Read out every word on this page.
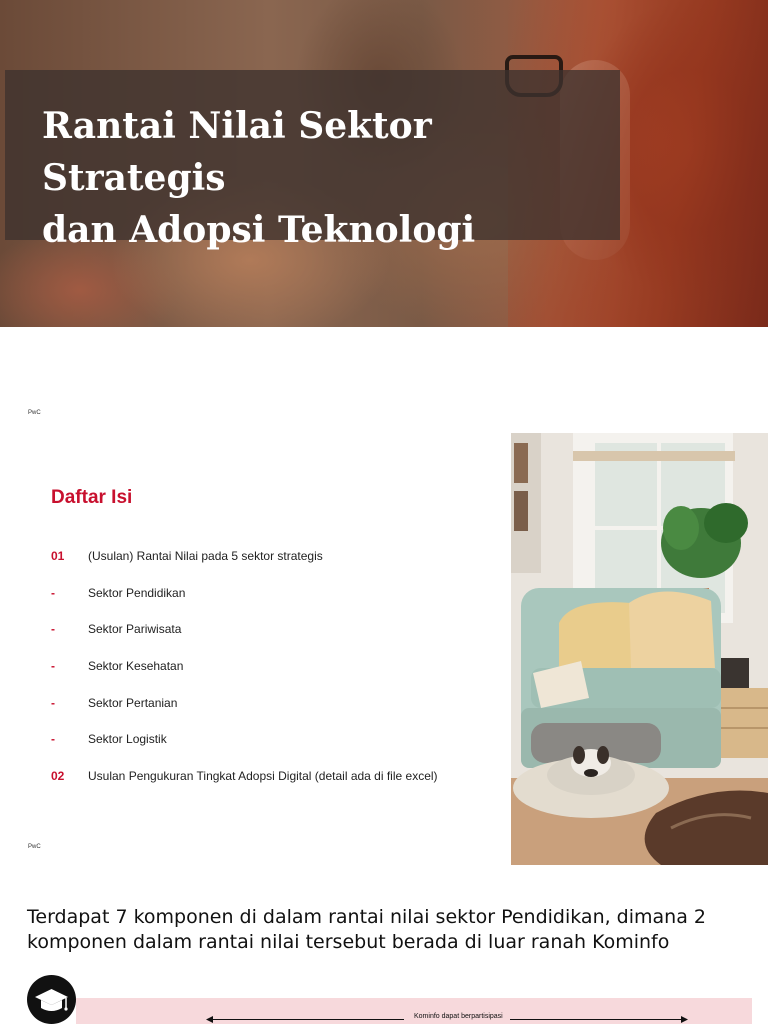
Rantai Nilai Sektor Strategis
dan Adopsi Teknologi
PwC
Daftar Isi
01	(Usulan) Rantai Nilai pada 5 sektor strategis
-	Sektor Pendidikan
-	Sektor Pariwisata
-	Sektor Kesehatan
-	Sektor Pertanian
-	Sektor Logistik
02	Usulan Pengukuran Tingkat Adopsi Digital (detail ada di file excel)
PwC
Terdapat 7 komponen di dalam rantai nilai sektor Pendidikan, dimana 2 komponen dalam rantai nilai tersebut berada di luar ranah Kominfo
Kominfo dapat berpartisipasi
